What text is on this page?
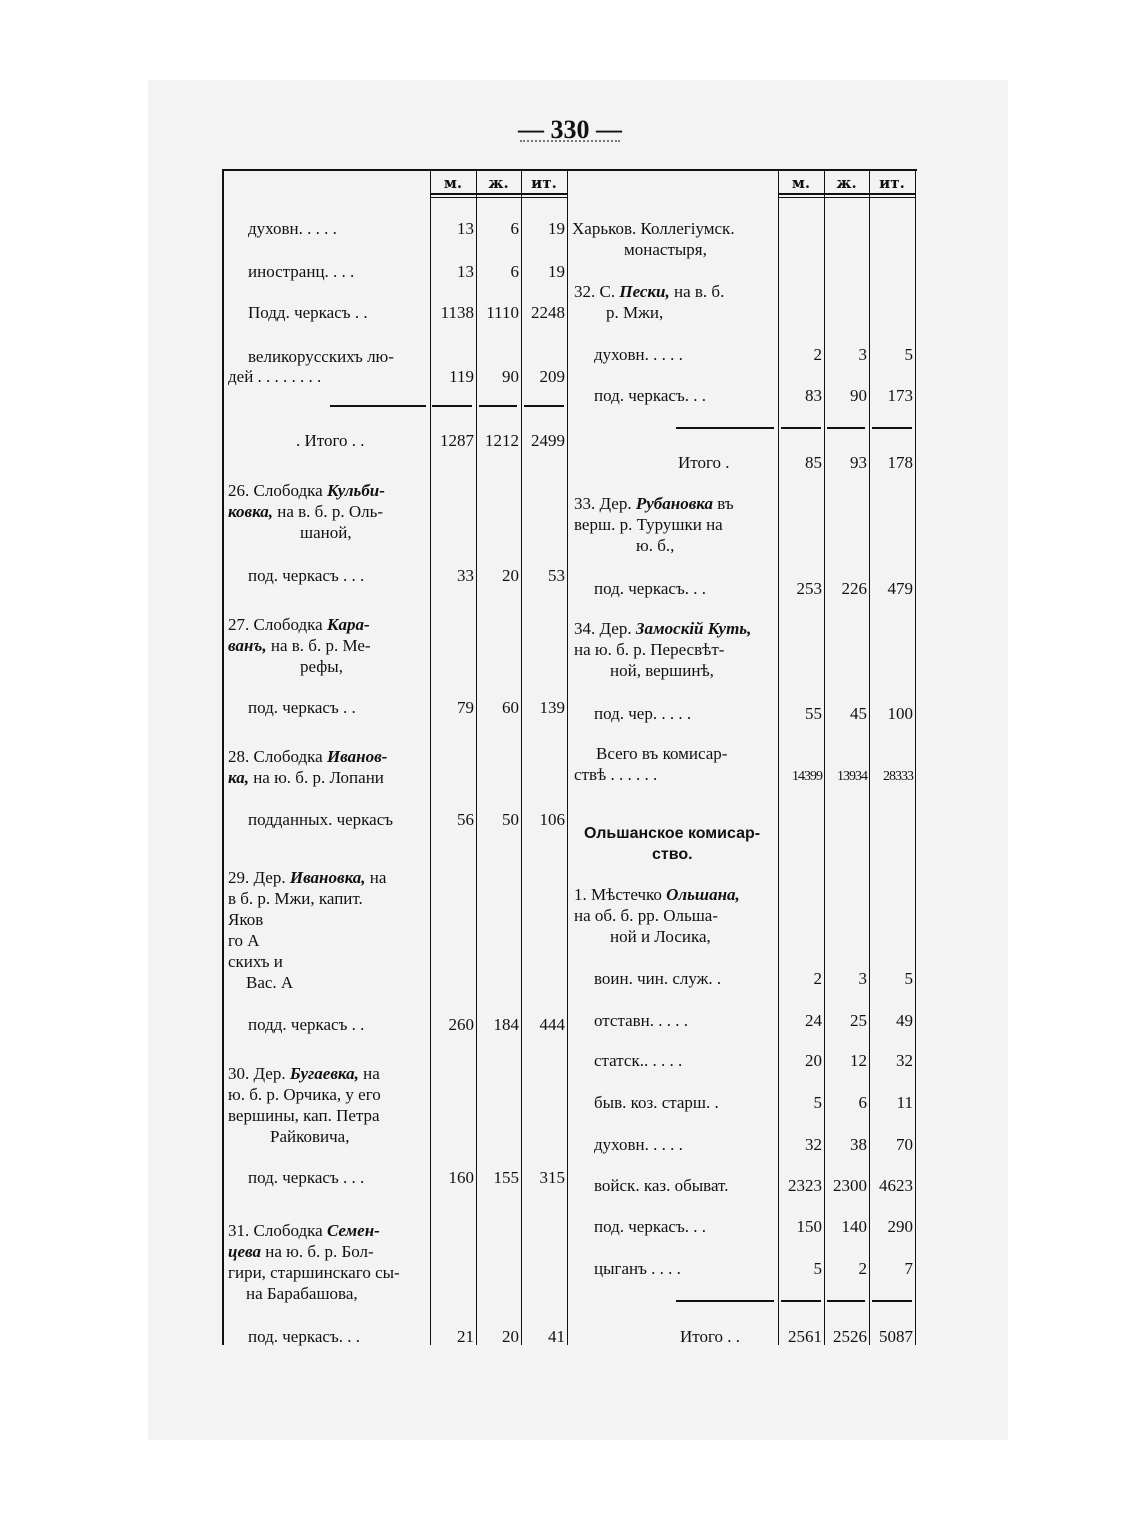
— 330 —
м.	ж.	ит.	м.	ж.	ит.
духовн. . . . .	13	6	19
иностранц. . . .	13	6	19
Подд. черкасъ . .	1138 1110 2248
великорусскихъ лю-
дей . . . . . . . .	119	90	209
. Итого . .	1287 1212 2499
26. Слободка Кульби-
ковка, на в. б. р. Оль-
шаной,
под. черкасъ . . .	33	20	53
27. Слободка Кара-
ванъ, на в. б. р. Ме-
рефы,
под. черкасъ . .	79	60	139
28. Слободка Иванов-
ка, на ю. б. р. Лопани
подданных. черкасъ	56	50	106
29. Дер. Ивановка, на
в б. р. Мжи, капит.
Яков
го А
скихъ и
Вас. А
подд. черкасъ . .	260	184	444
30. Дер. Бугаевка, на
ю. б. р. Орчика, у его
вершины, кап. Петра
Райковича,
под. черкасъ . . .	160	155	315
31. Слободка Семен-
цева на ю. б. р. Бол-
гири, старшинскаго сы-
на Барабашова,
под. черкасъ. . .	21	20	41
Харьков. Коллегiумск.
монастыря,
32. С. Пески, на в. б.
р. Мжи,
духовн. . . . .	2	3	5
под. черкасъ. . .	83	90	173
Итого .	85	93	178
33. Дер. Рубановка въ
верш. р. Турушки на
ю. б.,
под. черкасъ. . .	253	226	479
34. Дер. Замоскiй Куть,
на ю. б. р. Пересвѣт-
ной, вершинѣ,
под. чер. . . . .	55	45	100
Всего въ комисар-
ствѣ . . . . . .	14399	13934	28333
Ольшанское комисар-
ство.
1. Мѣстечко Ольшана,
на об. б. рр. Ольша-
ной и Лосика,
воин. чин. служ. .	2	3	5
отставн. . . . .	24	25	49
статск.. . . . .	20	12	32
быв. коз. старш. .	5	6	11
духовн. . . . .	32	38	70
войск. каз. обыват.	2323 2300 4623
под. черкасъ. . .	150	140	290
цыганъ . . . .	5	2	7
Итого . .	2561 2526 5087
